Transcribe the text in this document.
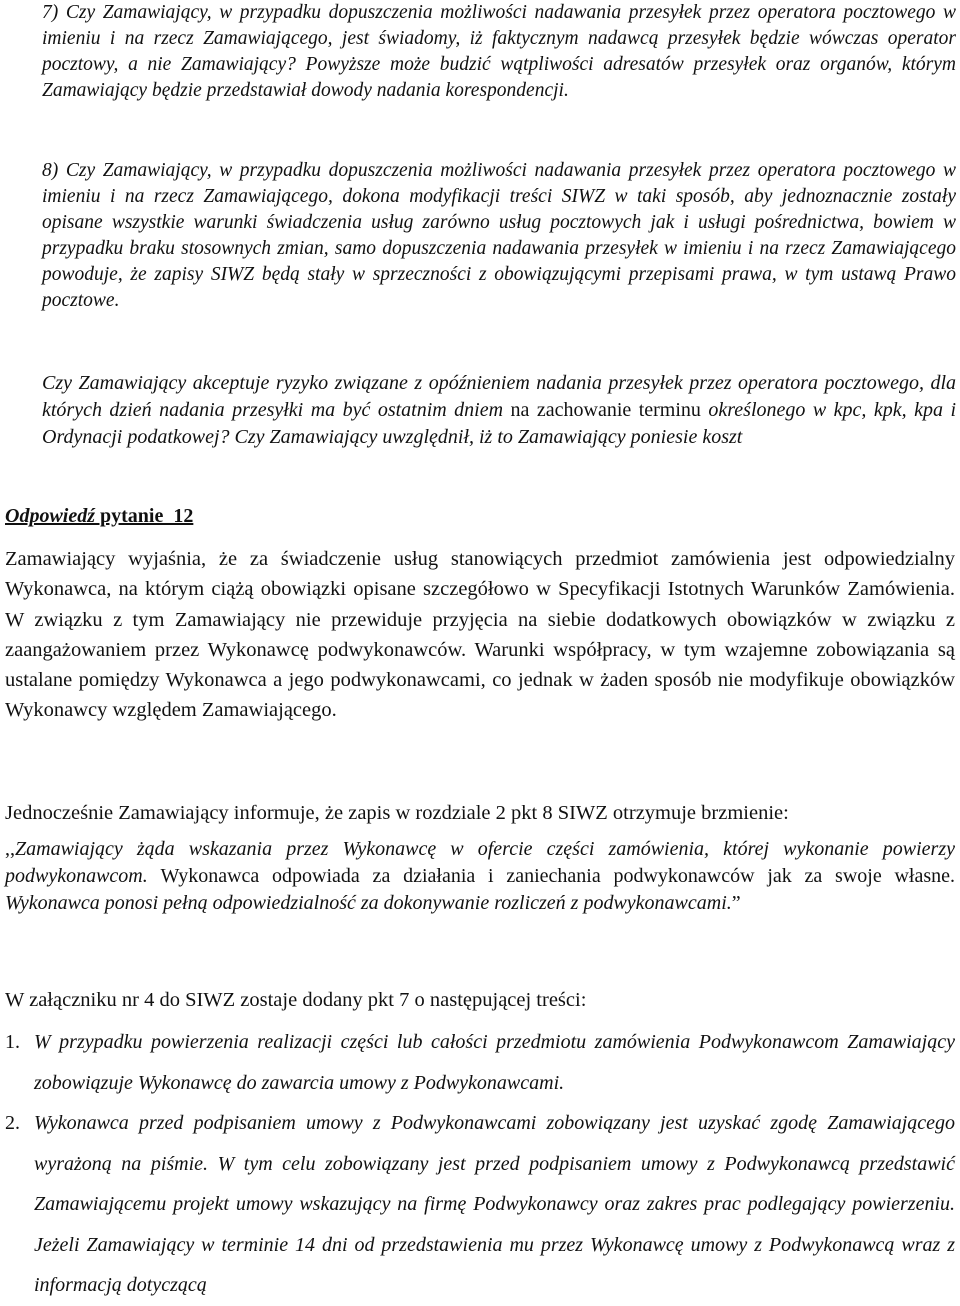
7) Czy Zamawiający, w przypadku dopuszczenia możliwości nadawania przesyłek przez operatora pocztowego w imieniu i na rzecz Zamawiającego, jest świadomy, iż faktycznym nadawcą przesyłek będzie wówczas operator pocztowy, a nie Zamawiający? Powyższe może budzić wątpliwości adresatów przesyłek oraz organów, którym Zamawiający będzie przedstawiał dowody nadania korespondencji.

8) Czy Zamawiający, w przypadku dopuszczenia możliwości nadawania przesyłek przez operatora pocztowego w imieniu i na rzecz Zamawiającego, dokona modyfikacji treści SIWZ w taki sposób, aby jednoznacznie zostały opisane wszystkie warunki świadczenia usług zarówno usług pocztowych jak i usługi pośrednictwa, bowiem w przypadku braku stosownych zmian, samo dopuszczenia nadawania przesyłek w imieniu i na rzecz Zamawiającego powoduje, że zapisy SIWZ będą stały w sprzeczności z obowiązującymi przepisami prawa, w tym ustawą Prawo pocztowe.

Czy Zamawiający akceptuje ryzyko związane z opóźnieniem nadania przesyłek przez operatora pocztowego, dla których dzień nadania przesyłki ma być ostatnim dniem na zachowanie terminu określonego w kpc, kpk, kpa i Ordynacji podatkowej? Czy Zamawiający uwzględnił, iż to Zamawiający poniesie koszt

Odpowiedź pytanie  12

Zamawiający wyjaśnia, że za świadczenie usług stanowiących przedmiot zamówienia jest odpowiedzialny Wykonawca, na którym ciążą obowiązki opisane szczegółowo w Specyfikacji Istotnych Warunków Zamówienia. W związku z tym Zamawiający nie przewiduje przyjęcia na siebie dodatkowych obowiązków w związku z zaangażowaniem przez Wykonawcę podwykonawców. Warunki współpracy, w tym wzajemne zobowiązania są ustalane pomiędzy Wykonawca a jego podwykonawcami, co jednak w żaden sposób nie modyfikuje obowiązków Wykonawcy względem Zamawiającego.

Jednocześnie Zamawiający informuje, że zapis w rozdziale 2 pkt 8 SIWZ otrzymuje brzmienie:

,,Zamawiający żąda wskazania przez Wykonawcę w ofercie części zamówienia, której wykonanie powierzy podwykonawcom. Wykonawca odpowiada za działania i zaniechania podwykonawców jak za swoje własne. Wykonawca ponosi pełną odpowiedzialność za dokonywanie rozliczeń z podwykonawcami.”

W załączniku nr 4 do SIWZ zostaje dodany pkt 7 o następującej treści:

1. W przypadku powierzenia realizacji części lub całości przedmiotu zamówienia Podwykonawcom Zamawiający zobowiązuje Wykonawcę do zawarcia umowy z Podwykonawcami.
2. Wykonawca przed podpisaniem umowy z Podwykonawcami zobowiązany jest uzyskać zgodę Zamawiającego wyrażoną na piśmie. W tym celu zobowiązany jest przed podpisaniem umowy z Podwykonawcą przedstawić Zamawiającemu projekt umowy wskazujący na firmę Podwykonawcy oraz zakres prac podlegający powierzeniu. Jeżeli Zamawiający w terminie 14 dni od przedstawienia mu przez Wykonawcę umowy z Podwykonawcą wraz z informacją dotyczącą
